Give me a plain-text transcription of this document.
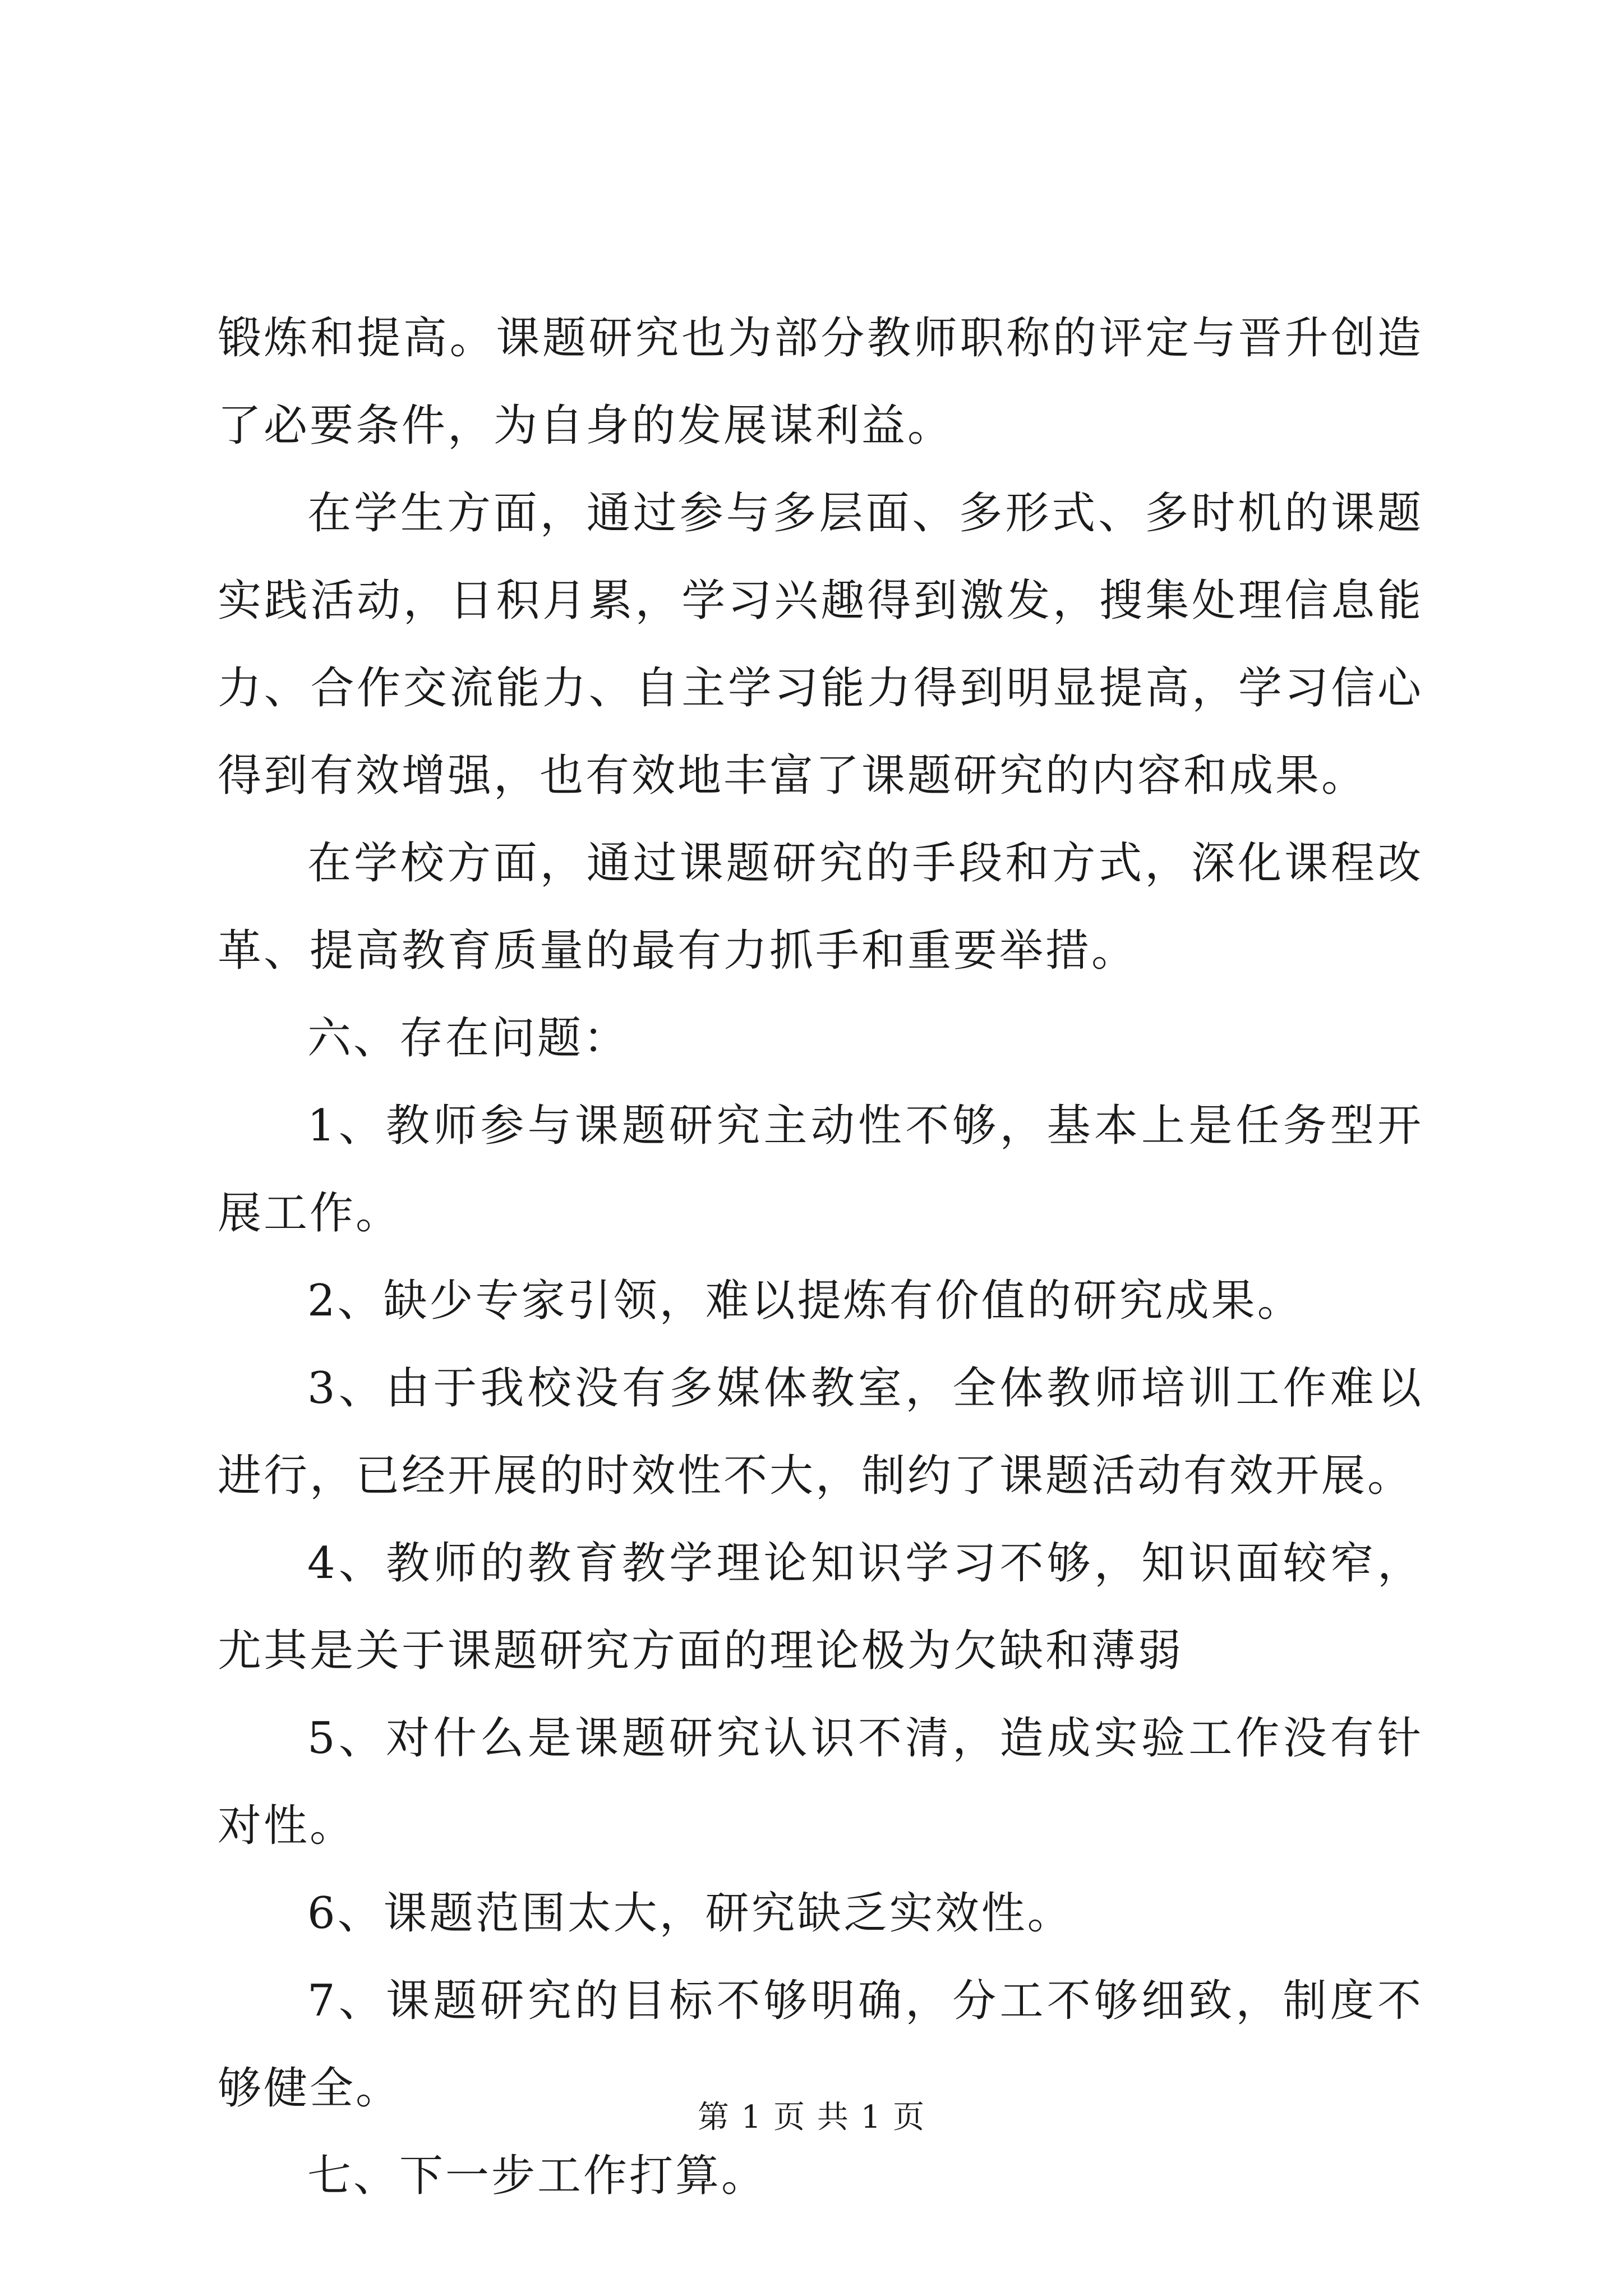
锻炼和提高。课题研究也为部分教师职称的评定与晋升创造了必要条件，为自身的发展谋利益。

在学生方面，通过参与多层面、多形式、多时机的课题实践活动，日积月累，学习兴趣得到激发，搜集处理信息能力、合作交流能力、自主学习能力得到明显提高，学习信心得到有效增强，也有效地丰富了课题研究的内容和成果。

在学校方面，通过课题研究的手段和方式，深化课程改革、提高教育质量的最有力抓手和重要举措。

六、存在问题：

1、教师参与课题研究主动性不够，基本上是任务型开展工作。

2、缺少专家引领，难以提炼有价值的研究成果。

3、由于我校没有多媒体教室，全体教师培训工作难以进行，已经开展的时效性不大，制约了课题活动有效开展。

4、教师的教育教学理论知识学习不够，知识面较窄，尤其是关于课题研究方面的理论极为欠缺和薄弱

5、对什么是课题研究认识不清，造成实验工作没有针对性。

6、课题范围太大，研究缺乏实效性。

7、课题研究的目标不够明确，分工不够细致，制度不够健全。

七、下一步工作打算。

第 1 页 共 1 页
